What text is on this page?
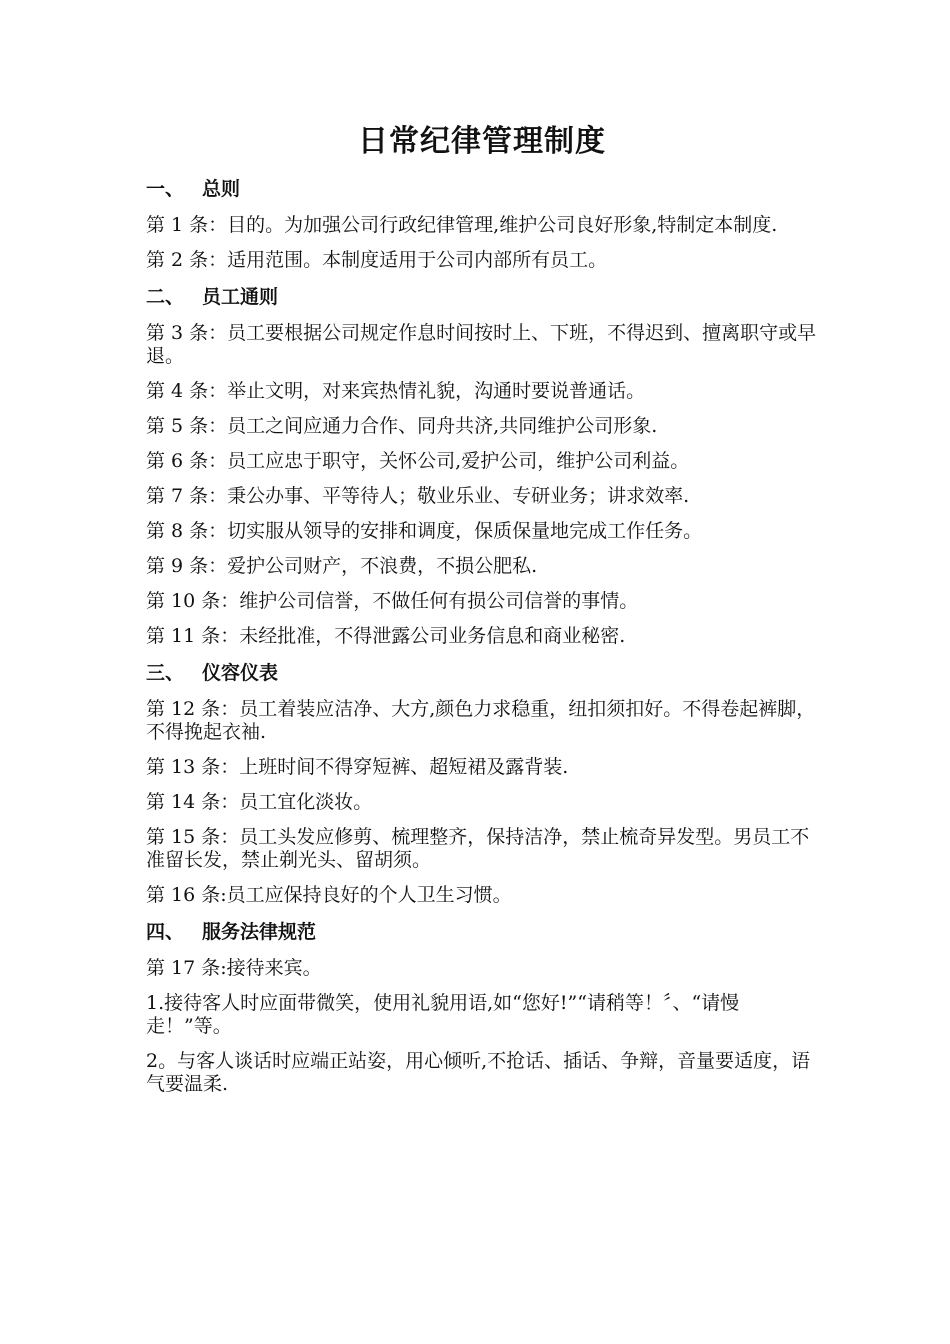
日常纪律管理制度
一、 总则

第 1 条：目的。为加强公司行政纪律管理,维护公司良好形象,特制定本制度.

第 2 条：适用范围。本制度适用于公司内部所有员工。

二、 员工通则

第 3 条：员工要根据公司规定作息时间按时上、下班，不得迟到、擅离职守或早退。

第 4 条：举止文明，对来宾热情礼貌，沟通时要说普通话。

第 5 条：员工之间应通力合作、同舟共济,共同维护公司形象.

第 6 条：员工应忠于职守，关怀公司,爱护公司，维护公司利益。

第 7 条：秉公办事、平等待人；敬业乐业、专研业务；讲求效率.

第 8 条：切实服从领导的安排和调度，保质保量地完成工作任务。

第 9 条：爱护公司财产，不浪费，不损公肥私.

第 10 条：维护公司信誉，不做任何有损公司信誉的事情。

第 11 条：未经批准，不得泄露公司业务信息和商业秘密.

三、 仪容仪表

第 12 条：员工着装应洁净、大方,颜色力求稳重，纽扣须扣好。不得卷起裤脚，不得挽起衣袖.

第 13 条：上班时间不得穿短裤、超短裙及露背装.

第 14 条：员工宜化淡妆。

第 15 条：员工头发应修剪、梳理整齐，保持洁净，禁止梳奇异发型。男员工不准留长发，禁止剃光头、留胡须。

第 16 条:员工应保持良好的个人卫生习惯。

四、 服务法律规范

第 17 条:接待来宾。

1.接待客人时应面带微笑，使用礼貌用语,如“您好!”“请稍等！〞、“请慢走！”等。

2。与客人谈话时应端正站姿，用心倾听,不抢话、插话、争辩，音量要适度，语气要温柔.
